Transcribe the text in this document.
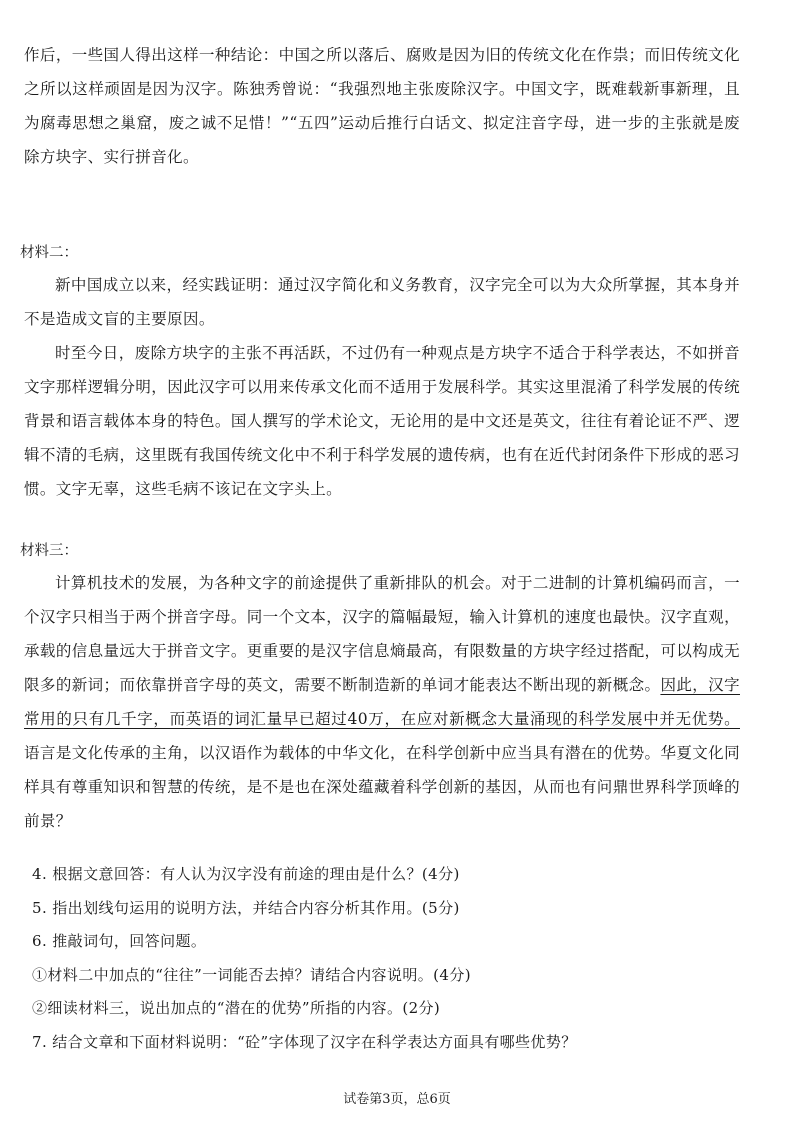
作后，一些国人得出这样一种结论：中国之所以落后、腐败是因为旧的传统文化在作祟；而旧传统文化之所以这样顽固是因为汉字。陈独秀曾说：“我强烈地主张废除汉字。中国文字，既难载新事新理，且为腐毒思想之巢窟，废之诚不足惜！”“五四”运动后推行白话文、拟定注音字母，进一步的主张就是废除方块字、实行拼音化。

材料二：

新中国成立以来，经实践证明：通过汉字简化和义务教育，汉字完全可以为大众所掌握，其本身并不是造成文盲的主要原因。

时至今日，废除方块字的主张不再活跃，不过仍有一种观点是方块字不适合于科学表达，不如拼音文字那样逻辑分明，因此汉字可以用来传承文化而不适用于发展科学。其实这里混淆了科学发展的传统背景和语言载体本身的特色。国人撰写的学术论文，无论用的是中文还是英文，往往有着论证不严、逻辑不清的毛病，这里既有我国传统文化中不利于科学发展的遗传病，也有在近代封闭条件下形成的恶习惯。文字无辜，这些毛病不该记在文字头上。

材料三：

计算机技术的发展，为各种文字的前途提供了重新排队的机会。对于二进制的计算机编码而言，一个汉字只相当于两个拼音字母。同一个文本，汉字的篇幅最短，输入计算机的速度也最快。汉字直观，承载的信息量远大于拼音文字。更重要的是汉字信息熵最高，有限数量的方块字经过搭配，可以构成无限多的新词；而依靠拼音字母的英文，需要不断制造新的单词才能表达不断出现的新概念。因此，汉字常用的只有几千字，而英语的词汇量早已超过40万，在应对新概念大量涌现的科学发展中并无优势。语言是文化传承的主角，以汉语作为载体的中华文化，在科学创新中应当具有潜在的优势。华夏文化同样具有尊重知识和智慧的传统，是不是也在深处蕴藏着科学创新的基因，从而也有问鼎世界科学顶峰的前景？

4. 根据文意回答：有人认为汉字没有前途的理由是什么？(4分)
5. 指出划线句运用的说明方法，并结合内容分析其作用。(5分)
6. 推敲词句，回答问题。
①材料二中加点的“往往”一词能否去掉？请结合内容说明。(4分)
②细读材料三，说出加点的“潜在的优势”所指的内容。(2分)
7. 结合文章和下面材料说明：“砼”字体现了汉字在科学表达方面具有哪些优势？

试卷第3页，总6页
